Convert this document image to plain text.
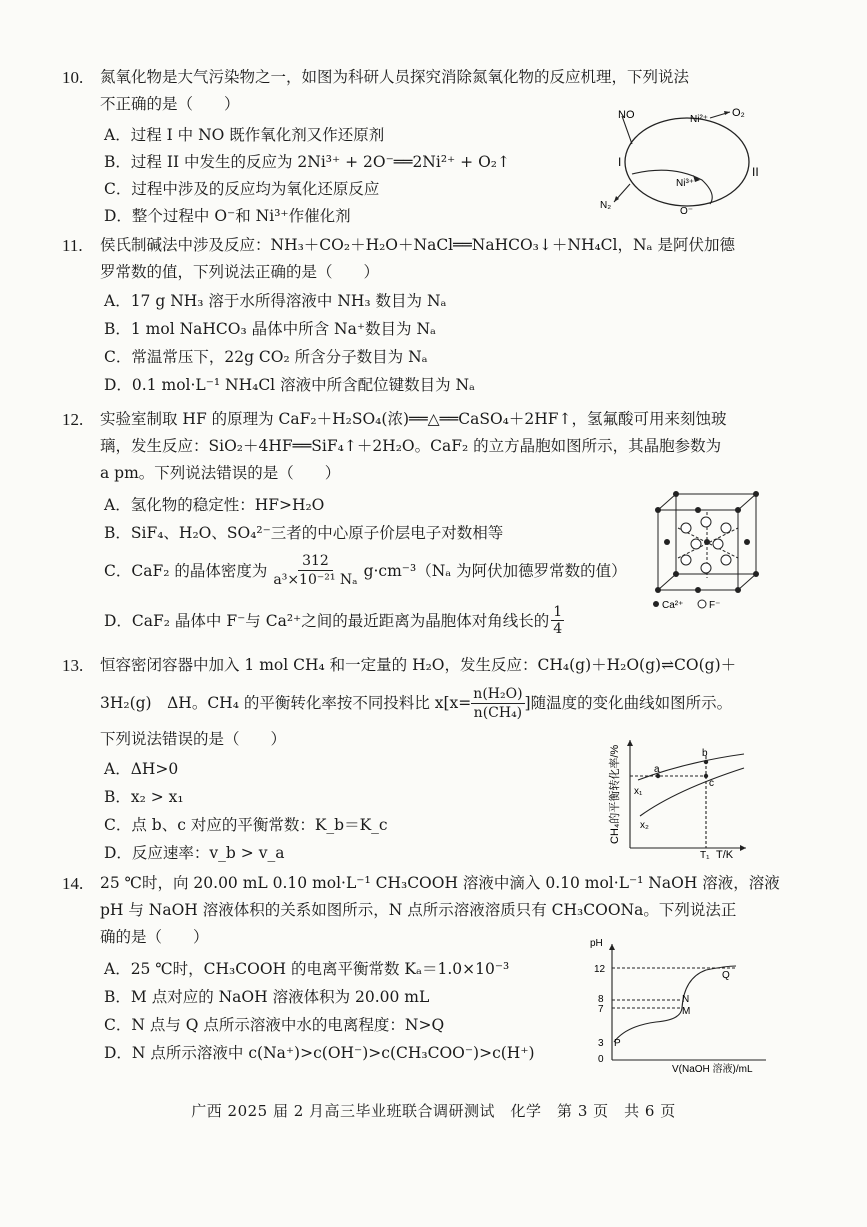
10. 氮氧化物是大气污染物之一，如图为科研人员探究消除氮氧化物的反应机理，下列说法
不正确的是（　　）
A．过程 I 中 NO 既作氧化剂又作还原剂
B．过程 II 中发生的反应为 2Ni³⁺ + 2O⁻══2Ni²⁺ + O₂↑
C．过程中涉及的反应均为氧化还原反应
D．整个过程中 O⁻和 Ni³⁺作催化剂
NO	Ni²⁺
O₂
I
II
Ni³⁺
N₂
O⁻
11. 侯氏制碱法中涉及反应：NH₃＋CO₂＋H₂O＋NaCl══NaHCO₃↓＋NH₄Cl，Nₐ 是阿伏加德
罗常数的值，下列说法正确的是（　　）
A．17 g NH₃ 溶于水所得溶液中 NH₃ 数目为 Nₐ
B．1 mol NaHCO₃ 晶体中所含 Na⁺数目为 Nₐ
C．常温常压下，22g CO₂ 所含分子数目为 Nₐ
D．0.1 mol·L⁻¹ NH₄Cl 溶液中所含配位键数目为 Nₐ
12. 实验室制取 HF 的原理为 CaF₂＋H₂SO₄(浓)══△══CaSO₄＋2HF↑，氢氟酸可用来刻蚀玻
璃，发生反应：SiO₂＋4HF══SiF₄↑＋2H₂O。CaF₂ 的立方晶胞如图所示，其晶胞参数为
a pm。下列说法错误的是（　　）
A．氢化物的稳定性：HF>H₂O
B．SiF₄、H₂O、SO₄²⁻三者的中心原子价层电子对数相等
C．CaF₂ 的晶体密度为 $\frac{312}{\text{a³×10⁻²¹ Nₐ}} g\cdot cm^{-3}(N_a$ 为阿伏加德罗常数的值）
D．CaF₂ 晶体中 F⁻与 Ca²⁺之间的最近距离为晶胞体对角线长的 $\frac{1}{4}$	Ca²⁺	F⁻
13. 恒容密闭容器中加入 1 mol CH₄ 和一定量的 H₂O，发生反应：CH₄(g)＋H₂O(g)⇌CO(g)＋
3H₂(g)　ΔH。CH₄ 的平衡转化率按不同投料比 $x[x= \frac{\text{n(H₂O)}}{\text{n(CH₄)}}$ ]随温度的变化曲线如图所示。
下列说法错误的是（　　）
A．ΔH>0
B．x₂ > x₁
C．点 b、c 对应的平衡常数：K_b＝K_c
D．反应速率：v_b > v_a
CH₄的平衡转化率/%
T/K
T₁
a
b
c
x₁
x₂
14. 25 ℃时，向 20.00 mL 0.10 mol·L⁻¹ CH₃COOH 溶液中滴入 0.10 mol·L⁻¹ NaOH 溶液，溶液
pH 与 NaOH 溶液体积的关系如图所示，N 点所示溶液溶质只有 CH₃COONa。下列说法正
确的是（　　）
A．25 ℃时，CH₃COOH 的电离平衡常数 Kₐ＝1.0×10⁻³
B．M 点对应的 NaOH 溶液体积为 20.00 mL
C．N 点与 Q 点所示溶液中水的电离程度：N>Q
D．N 点所示溶液中 c(Na⁺)>c(OH⁻)>c(CH₃COO⁻)>c(H⁺)
pH
12
8
7
3
0
P
M
N
Q
V(NaOH 溶液)/mL
广西 2025 届 2 月高三毕业班联合调研测试　化学　第 3 页　共 6 页
